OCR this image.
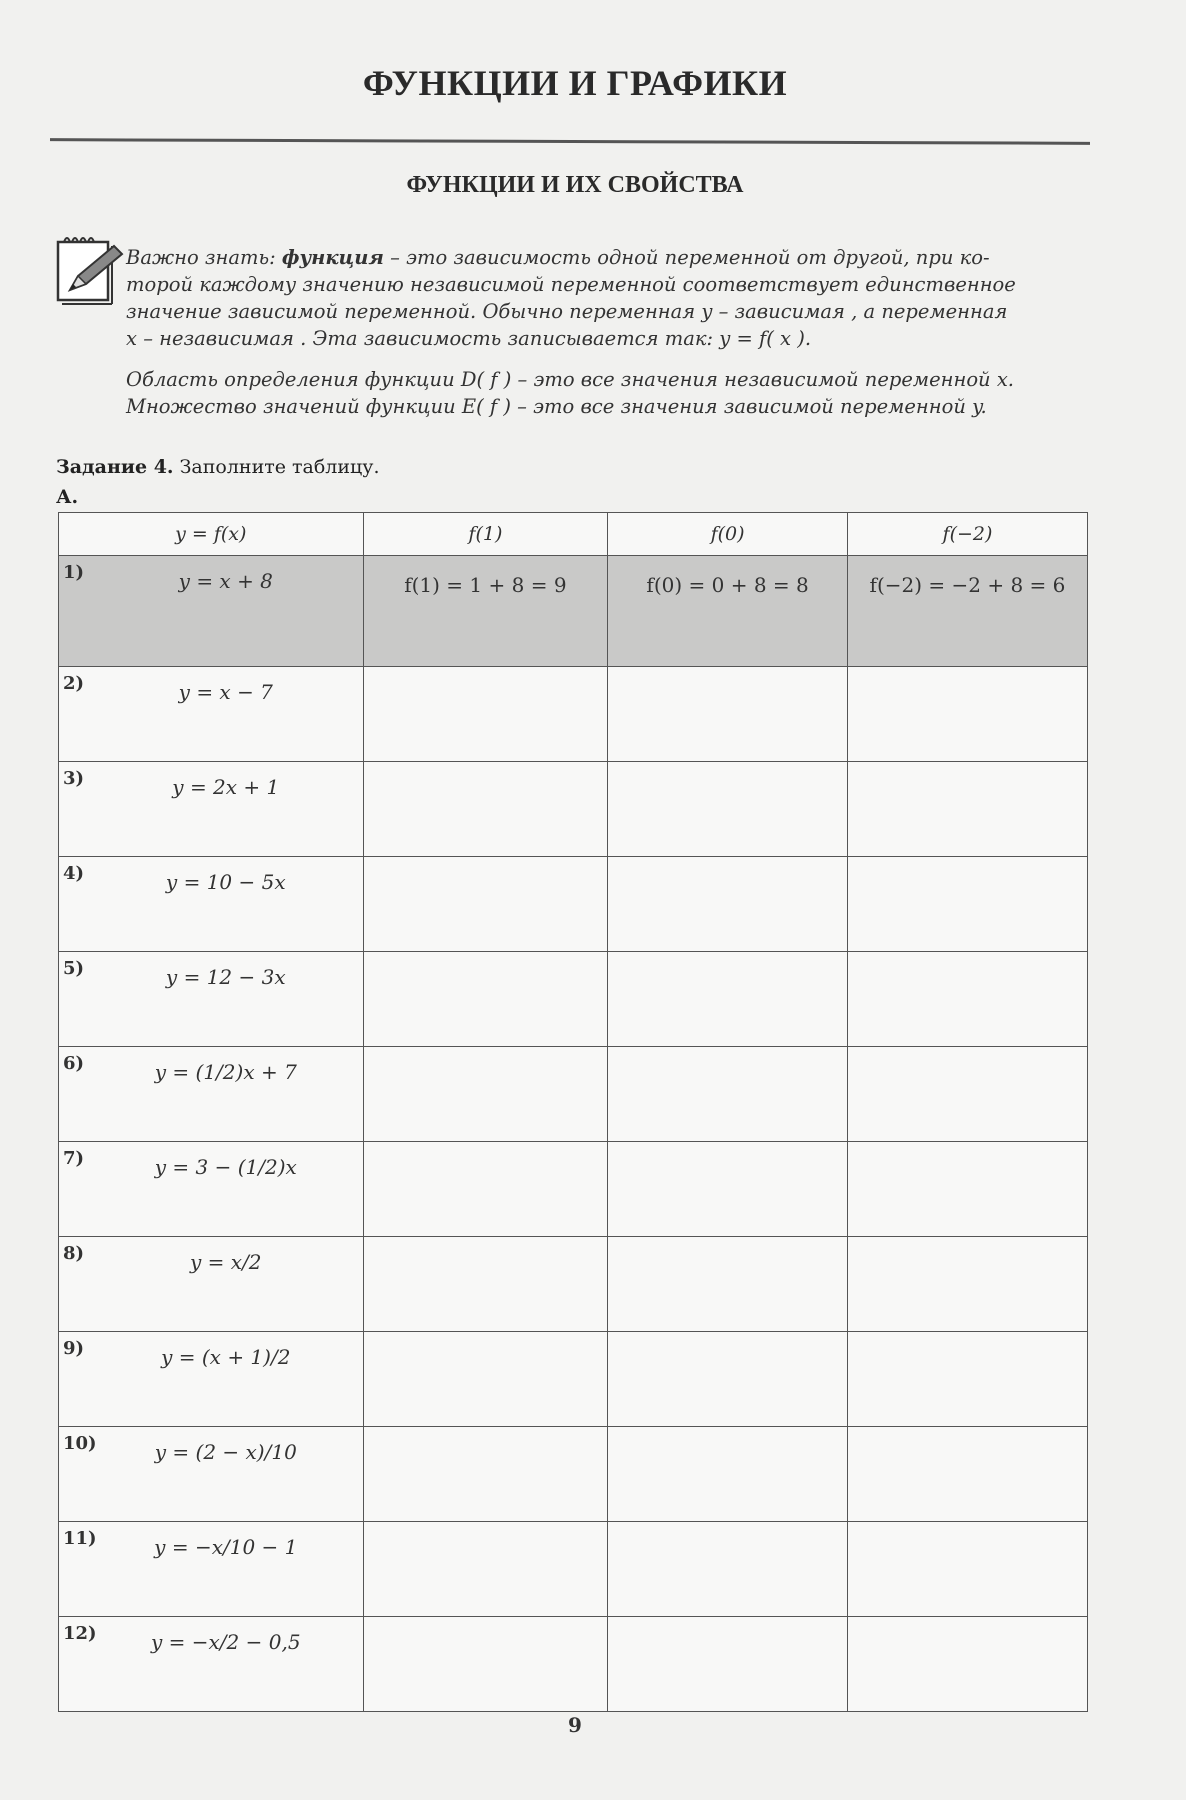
ФУНКЦИИ И ГРАФИКИ
ФУНКЦИИ И ИХ СВОЙСТВА
Важно знать: функция – это зависимость одной переменной от другой, при ко-
торой каждому значению независимой переменной соответствует единственное
значение зависимой переменной. Обычно переменная y – зависимая , а переменная
x – независимая . Эта зависимость записывается так: y = f( x ).
Область определения функции D( f ) – это все значения независимой переменной x.
Множество значений функции E( f ) – это все значения зависимой переменной y.
Задание 4. Заполните таблицу.
А.
y = f(x)	f(1)	f(0)	f(−2)

1) y = x + 8	f(1) = 1 + 8 = 9	f(0) = 0 + 8 = 8	f(−2) = −2 + 8 = 6

2) y = x − 7			

3) y = 2x + 1			

4) y = 10 − 5x			

5) y = 12 − 3x			

6) y = (1/2)x + 7			

7) y = 3 − (1/2)x			

8) y = x/2			

9) y = (x + 1)/2			

10) y = (2 − x)/10			

11) y = −x/10 − 1			

12) y = −x/2 − 0,5			

9
